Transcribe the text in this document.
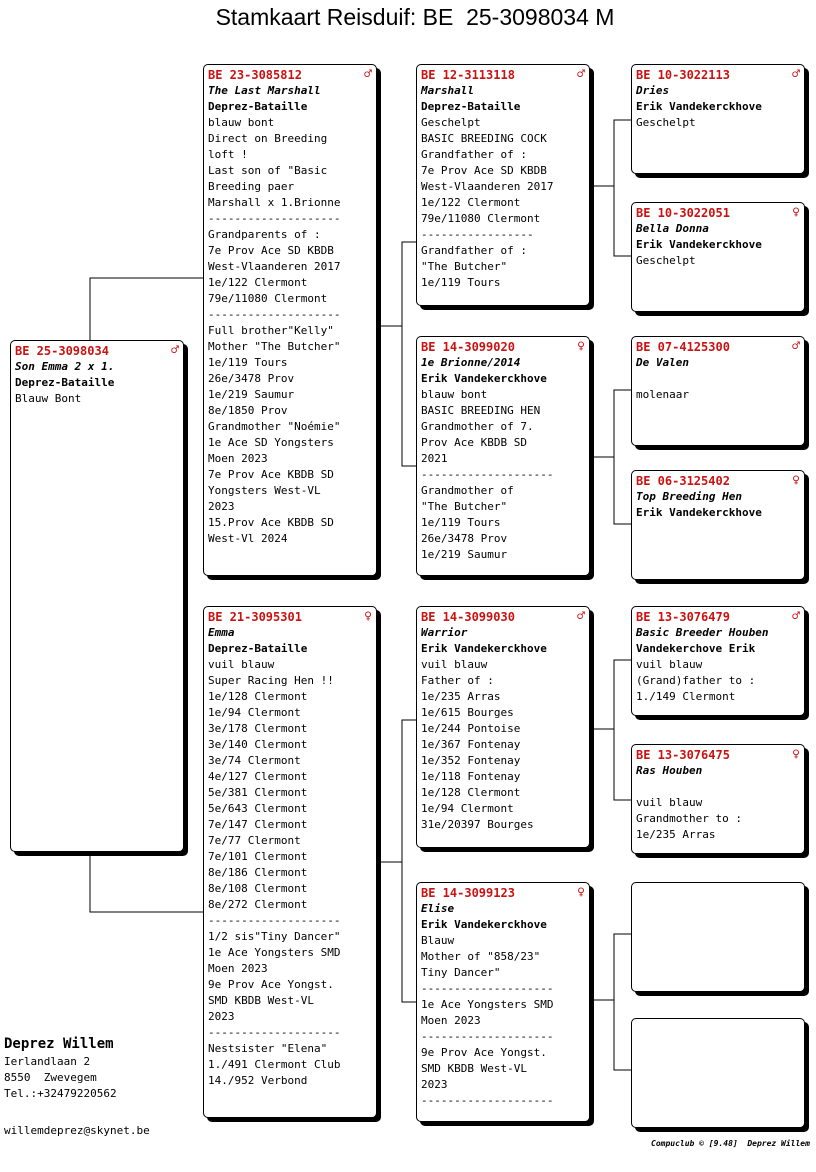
Stamkaart Reisduif: BE  25-3098034 M
BE 25-3098034	♂
Son Emma 2 x 1.
Deprez-Bataille
Blauw Bont
BE 23-3085812	♂
The Last Marshall
Deprez-Bataille
blauw bont
Direct on Breeding
loft !
Last son of "Basic
Breeding paer
Marshall x 1.Brionne
--------------------
Grandparents of :
7e Prov Ace SD KBDB
West-Vlaanderen 2017
1e/122 Clermont
79e/11080 Clermont
--------------------
Full brother"Kelly"
Mother "The Butcher"
1e/119 Tours
26e/3478 Prov
1e/219 Saumur
8e/1850 Prov
Grandmother "Noémie"
1e Ace SD Yongsters
Moen 2023
7e Prov Ace KBDB SD
Yongsters West-VL
2023
15.Prov Ace KBDB SD
West-Vl 2024
BE 21-3095301	♀
Emma
Deprez-Bataille
vuil blauw
Super Racing Hen !!
1e/128 Clermont
1e/94 Clermont
3e/178 Clermont
3e/140 Clermont
3e/74 Clermont
4e/127 Clermont
5e/381 Clermont
5e/643 Clermont
7e/147 Clermont
7e/77 Clermont
7e/101 Clermont
8e/186 Clermont
8e/108 Clermont
8e/272 Clermont
--------------------
1/2 sis"Tiny Dancer"
1e Ace Yongsters SMD
Moen 2023
9e Prov Ace Yongst.
SMD KBDB West-VL
2023
--------------------
Nestsister "Elena"
1./491 Clermont Club
14./952 Verbond
BE 12-3113118	♂
Marshall
Deprez-Bataille
Geschelpt
BASIC BREEDING COCK
Grandfather of :
7e Prov Ace SD KBDB
West-Vlaanderen 2017
1e/122 Clermont
79e/11080 Clermont
-----------------
Grandfather of :
"The Butcher"
1e/119 Tours
BE 14-3099020	♀
1e Brionne/2014
Erik Vandekerckhove
blauw bont
BASIC BREEDING HEN
Grandmother of 7.
Prov Ace KBDB SD
2021
--------------------
Grandmother of
"The Butcher"
1e/119 Tours
26e/3478 Prov
1e/219 Saumur
BE 14-3099030	♂
Warrior
Erik Vandekerckhove
vuil blauw
Father of :
1e/235 Arras
1e/615 Bourges
1e/244 Pontoise
1e/367 Fontenay
1e/352 Fontenay
1e/118 Fontenay
1e/128 Clermont
1e/94 Clermont
31e/20397 Bourges
BE 14-3099123	♀
Elise
Erik Vandekerckhove
Blauw
Mother of "858/23"
Tiny Dancer"
--------------------
1e Ace Yongsters SMD
Moen 2023
--------------------
9e Prov Ace Yongst.
SMD KBDB West-VL
2023
--------------------
BE 10-3022113	♂
Dries
Erik Vandekerckhove
Geschelpt
BE 10-3022051	♀
Bella Donna
Erik Vandekerckhove
Geschelpt
BE 07-4125300	♂
De Valen
molenaar
BE 06-3125402	♀
Top Breeding Hen
Erik Vandekerckhove
BE 13-3076479	♂
Basic Breeder Houben
Vandekerchove Erik
vuil blauw
(Grand)father to :
1./149 Clermont
BE 13-3076475	♀
Ras Houben
vuil blauw
Grandmother to :
1e/235 Arras
Deprez Willem
Ierlandlaan 2
8550  Zwevegem
Tel.:+32479220562
willemdeprez@skynet.be
Compuclub © [9.48]  Deprez Willem
